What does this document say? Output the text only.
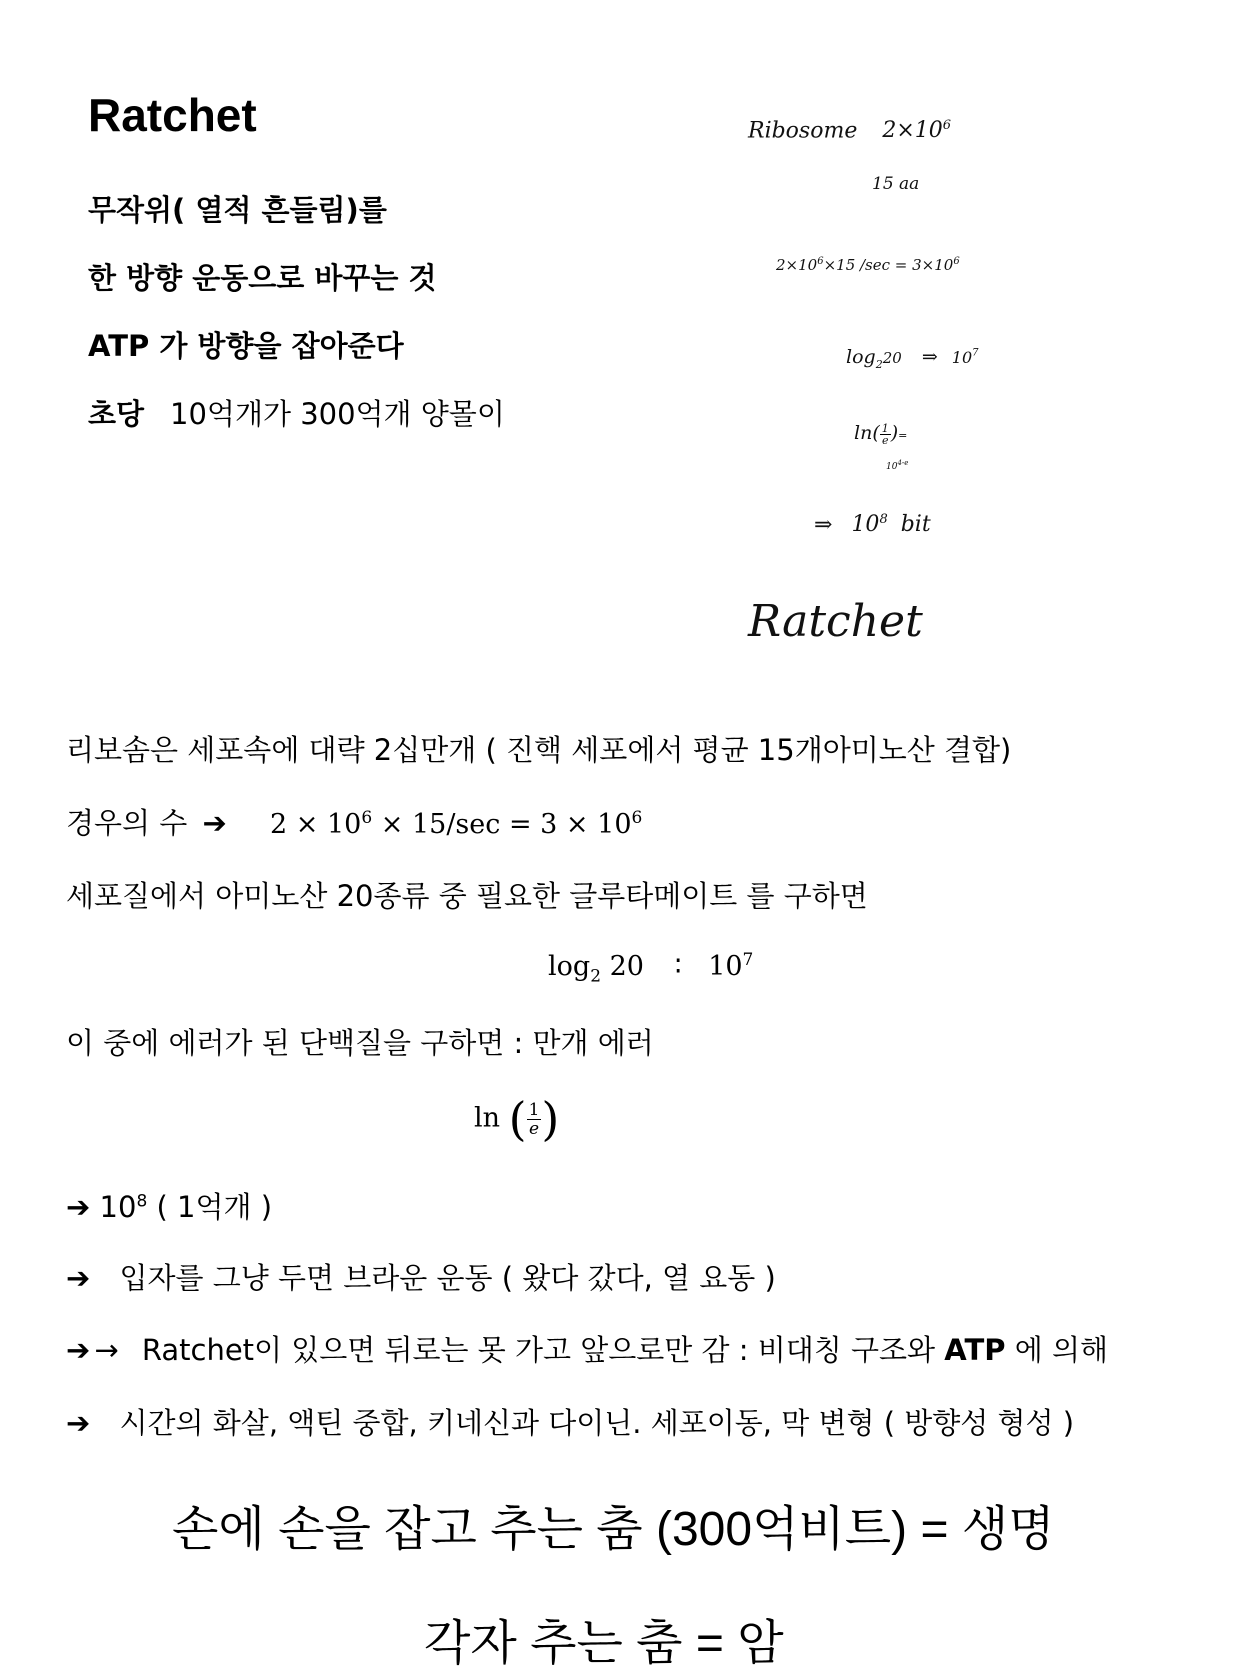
Ratchet
무작위( 열적 흔들림)를
한 방향 운동으로 바꾸는 것
ATP 가 방향을 잡아준다
초당 10억개가 300억개 양몰이
Ribosome $2\times 10^6$
15 aa
$2\times 10^6\times 15$ $/\sec = 3\times 10^6$
$\log_220$ ⇒ $10^7$
$\ln( \frac{1}{e}$ )=
$10^{4-e}$
⇒ $10^8$ bit
Ratchet
리보솜은 세포속에 대략 2십만개 ( 진핵 세포에서 평균 15개아미노산 결합)
경우의 수 ➔ $2 \times 10^6 \times 15/\sec = 3 \times 10^6$
세포질에서 아미노산 20종류 중 필요한 글루타메이트 를 구하면
$\log_2 20$ ∶ $10^7$
이 중에 에러가 된 단백질을 구하면 : 만개 에러
ln ( $\frac{1}{e}$ )
➔ $10^8$ ( 1억개 )
➔ 입자를 그냥 두면 브라운 운동 ( 왔다 갔다, 열 요동 )
➔ → Ratchet이 있으면 뒤로는 못 가고 앞으로만 감 : 비대칭 구조와 ATP 에 의해
➔ 시간의 화살, 액틴 중합, 키네신과 다이닌. 세포이동, 막 변형 ( 방향성 형성 )
손에 손을 잡고 추는 춤 (300억비트) = 생명
각자 추는 춤 = 암
